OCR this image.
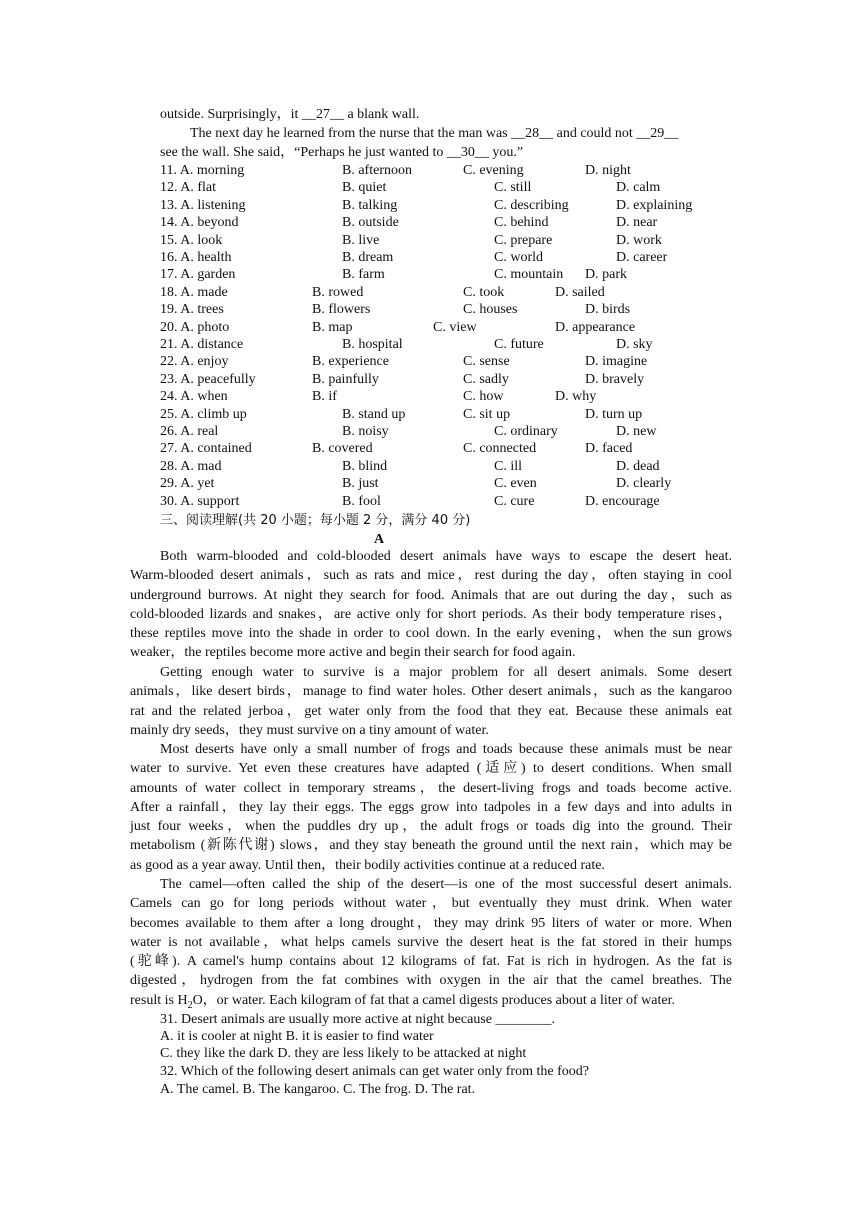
outside. Surprisingly，it __27__ a blank wall.
The next day he learned from the nurse that the man was __28__ and could not __29__
see the wall. She said，“Perhaps he just wanted to __30__ you.”
11. A. morning	B. afternoon	C. evening	D. night
12. A. flat	B. quiet	C. still	D. calm
13. A. listening	B. talking	C. describing	D. explaining
14. A. beyond	B. outside	C. behind	D. near
15. A. look	B. live	C. prepare	D. work
16. A. health	B. dream	C. world	D. career
17. A. garden	B. farm	C. mountain D. park
18. A. made	B. rowed	C. took	D. sailed
19. A. trees	B. flowers	C. houses	D. birds
20. A. photo	B. map	C. view	D. appearance
21. A. distance	B. hospital	C. future	D. sky
22. A. enjoy	B. experience	C. sense	D. imagine
23. A. peacefully	B. painfully	C. sadly	D. bravely
24. A. when	B. if	C. how	D. why
25. A. climb up	B. stand up	C. sit up	D. turn up
26. A. real	B. noisy	C. ordinary	D. new
27. A. contained	B. covered	C. connected	D. faced
28. A. mad	B. blind	C. ill	D. dead
29. A. yet	B. just	C. even	D. clearly
30. A. support	B. fool	C. cure	D. encourage
三、阅读理解(共 20 小题；每小题 2 分，满分 40 分)
A
Both warm-blooded and cold-blooded desert animals have ways to escape the desert heat.
Warm-blooded desert animals，such as rats and mice，rest during the day，often staying in cool
underground burrows. At night they search for food. Animals that are out during the day，such as
cold-blooded lizards and snakes，are active only for short periods. As their body temperature rises，
these reptiles move into the shade in order to cool down. In the early evening，when the sun grows
weaker，the reptiles become more active and begin their search for food again.
Getting enough water to survive is a major problem for all desert animals. Some desert
animals，like desert birds，manage to find water holes. Other desert animals，such as the kangaroo
rat and the related jerboa，get water only from the food that they eat. Because these animals eat
mainly dry seeds，they must survive on a tiny amount of water.
Most deserts have only a small number of frogs and toads because these animals must be near
water to survive. Yet even these creatures have adapted (适应) to desert conditions. When small
amounts of water collect in temporary streams，the desert-living frogs and toads become active.
After a rainfall，they lay their eggs. The eggs grow into tadpoles in a few days and into adults in
just four weeks，when the puddles dry up，the adult frogs or toads dig into the ground. Their
metabolism (新陈代谢) slows，and they stay beneath the ground until the next rain，which may be
as good as a year away. Until then，their bodily activities continue at a reduced rate.
The camel—often called the ship of the desert—is one of the most successful desert animals.
Camels can go for long periods without water，but eventually they must drink. When water
becomes available to them after a long drought，they may drink 95 liters of water or more. When
water is not available，what helps camels survive the desert heat is the fat stored in their humps
(驼峰). A camel's hump contains about 12 kilograms of fat. Fat is rich in hydrogen. As the fat is
digested，hydrogen from the fat combines with oxygen in the air that the camel breathes. The
result is $H_2O$，or water. Each kilogram of fat that a camel digests produces about a liter of water.
31. Desert animals are usually more active at night because ________.
A. it is cooler at night B. it is easier to find water
C. they like the dark D. they are less likely to be attacked at night
32. Which of the following desert animals can get water only from the food?
A. The camel. B. The kangaroo. C. The frog. D. The rat.
